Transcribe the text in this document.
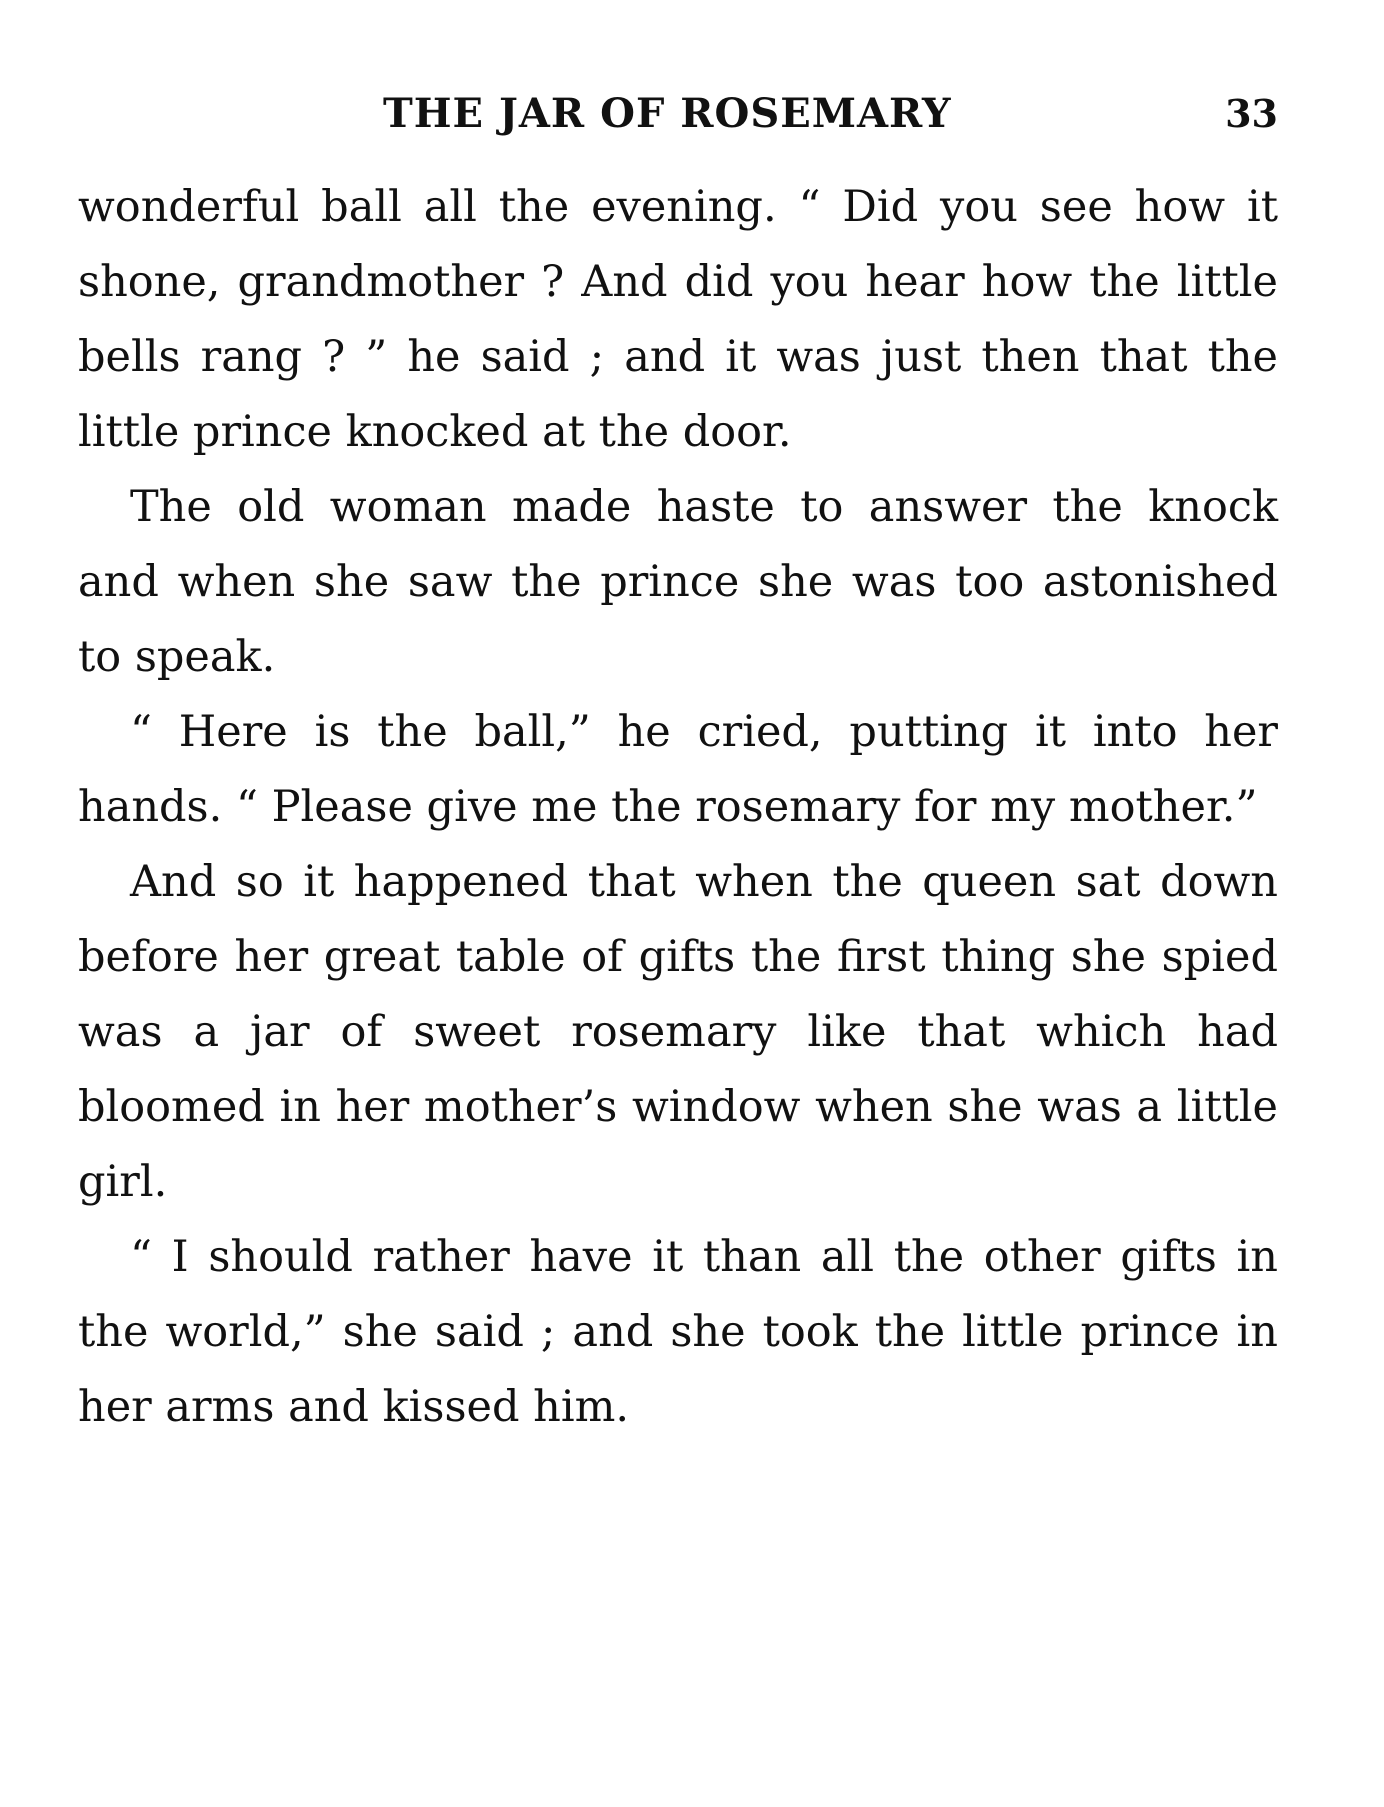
THE JAR OF ROSEMARY	33

wonderful ball all the evening. “ Did you see how it shone, grandmother ? And did you hear how the little bells rang ? ” he said ; and it was just then that the little prince knocked at the door.

The old woman made haste to answer the knock and when she saw the prince she was too astonished to speak.

“ Here is the ball,” he cried, putting it into her hands. “ Please give me the rosemary for my mother.”

And so it happened that when the queen sat down before her great table of gifts the first thing she spied was a jar of sweet rosemary like that which had bloomed in her mother’s window when she was a little girl.

“ I should rather have it than all the other gifts in the world,” she said ; and she took the little prince in her arms and kissed him.
